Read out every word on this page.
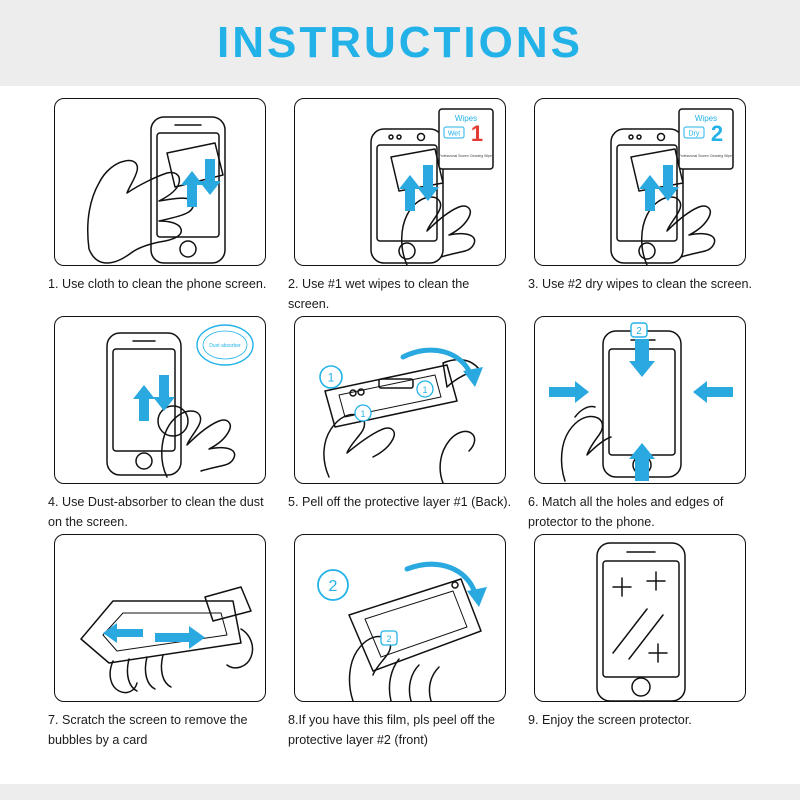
INSTRUCTIONS
1. Use cloth to clean the phone screen.
Wipes
Wet 1
Professional Screen Cleaning Wipes
2. Use #1 wet wipes to clean the screen.
Wipes
Dry 2
Professional Screen Cleaning Wipes
3. Use #2 dry wipes to clean the screen.
Dust absorber
4. Use Dust-absorber to clean the dust on the screen.
1
1
1
5. Pell off the protective layer #1 (Back).
2
6. Match all the holes and edges of protector to the phone.
7. Scratch the screen to remove the bubbles by a card
2
2
8.If you have this film, pls peel off the protective layer #2 (front)
9. Enjoy the screen protector.
